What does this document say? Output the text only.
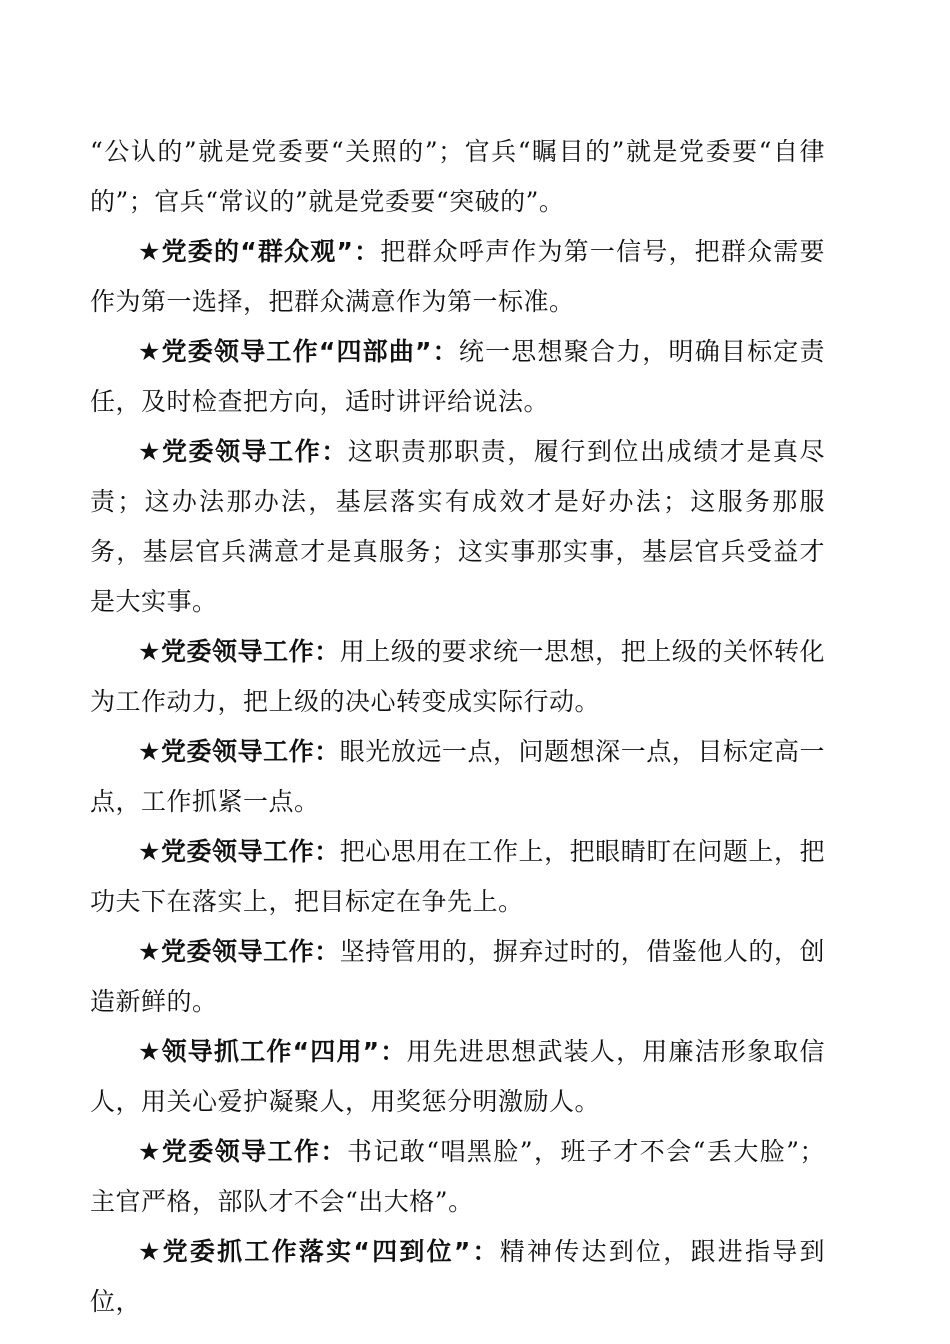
“公认的”就是党委要“关照的”；官兵“瞩目的”就是党委要“自律的”；官兵“常议的”就是党委要“突破的”。

★党委的“群众观”：把群众呼声作为第一信号，把群众需要作为第一选择，把群众满意作为第一标准。

★党委领导工作“四部曲”：统一思想聚合力，明确目标定责任，及时检查把方向，适时讲评给说法。

★党委领导工作：这职责那职责，履行到位出成绩才是真尽责；这办法那办法，基层落实有成效才是好办法；这服务那服务，基层官兵满意才是真服务；这实事那实事，基层官兵受益才是大实事。

★党委领导工作：用上级的要求统一思想，把上级的关怀转化为工作动力，把上级的决心转变成实际行动。

★党委领导工作：眼光放远一点，问题想深一点，目标定高一点，工作抓紧一点。

★党委领导工作：把心思用在工作上，把眼睛盯在问题上，把功夫下在落实上，把目标定在争先上。

★党委领导工作：坚持管用的，摒弃过时的，借鉴他人的，创造新鲜的。

★领导抓工作“四用”：用先进思想武装人，用廉洁形象取信人，用关心爱护凝聚人，用奖惩分明激励人。

★党委领导工作：书记敢“唱黑脸”，班子才不会“丢大脸”；主官严格，部队才不会“出大格”。

★党委抓工作落实“四到位”：精神传达到位，跟进指导到位，
